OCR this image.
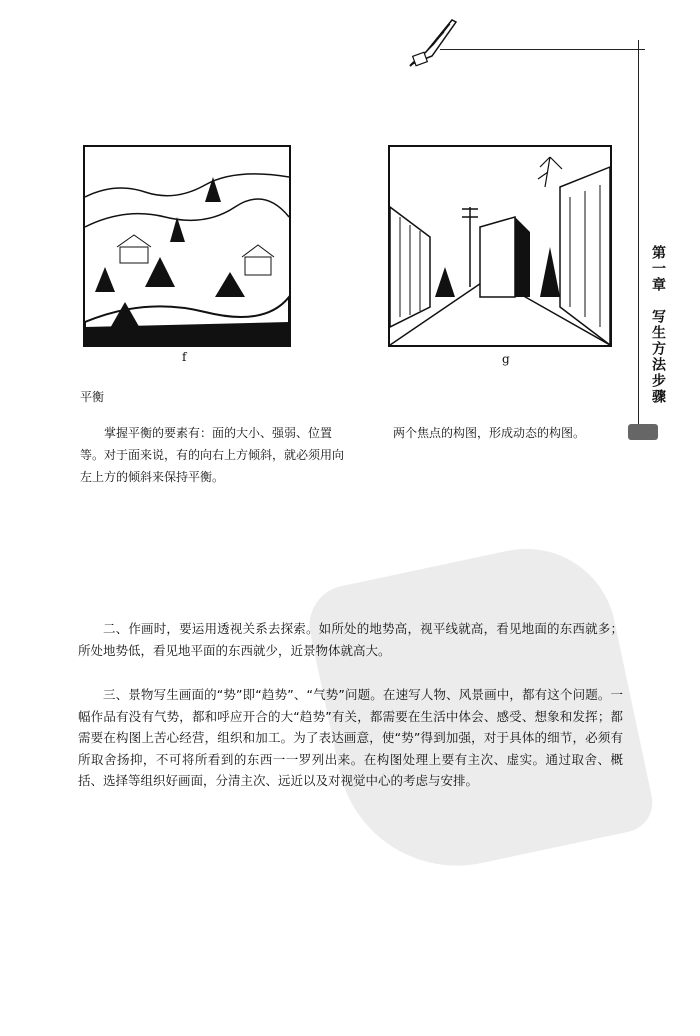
第一章　写生方法步骤
f	g
平衡
掌握平衡的要素有：面的大小、强弱、位置等。对于面来说，有的向右上方倾斜，就必须用向左上方的倾斜来保持平衡。
两个焦点的构图，形成动态的构图。
二、作画时，要运用透视关系去探索。如所处的地势高，视平线就高，看见地面的东西就多；所处地势低，看见地平面的东西就少，近景物体就高大。
三、景物写生画面的“势”即“趋势”、“气势”问题。在速写人物、风景画中，都有这个问题。一幅作品有没有气势，都和呼应开合的大“趋势”有关，都需要在生活中体会、感受、想象和发挥；都需要在构图上苦心经营，组织和加工。为了表达画意，使“势”得到加强，对于具体的细节，必须有所取舍扬抑，不可将所看到的东西一一罗列出来。在构图处理上要有主次、虚实。通过取舍、概括、选择等组织好画面，分清主次、远近以及对视觉中心的考虑与安排。
